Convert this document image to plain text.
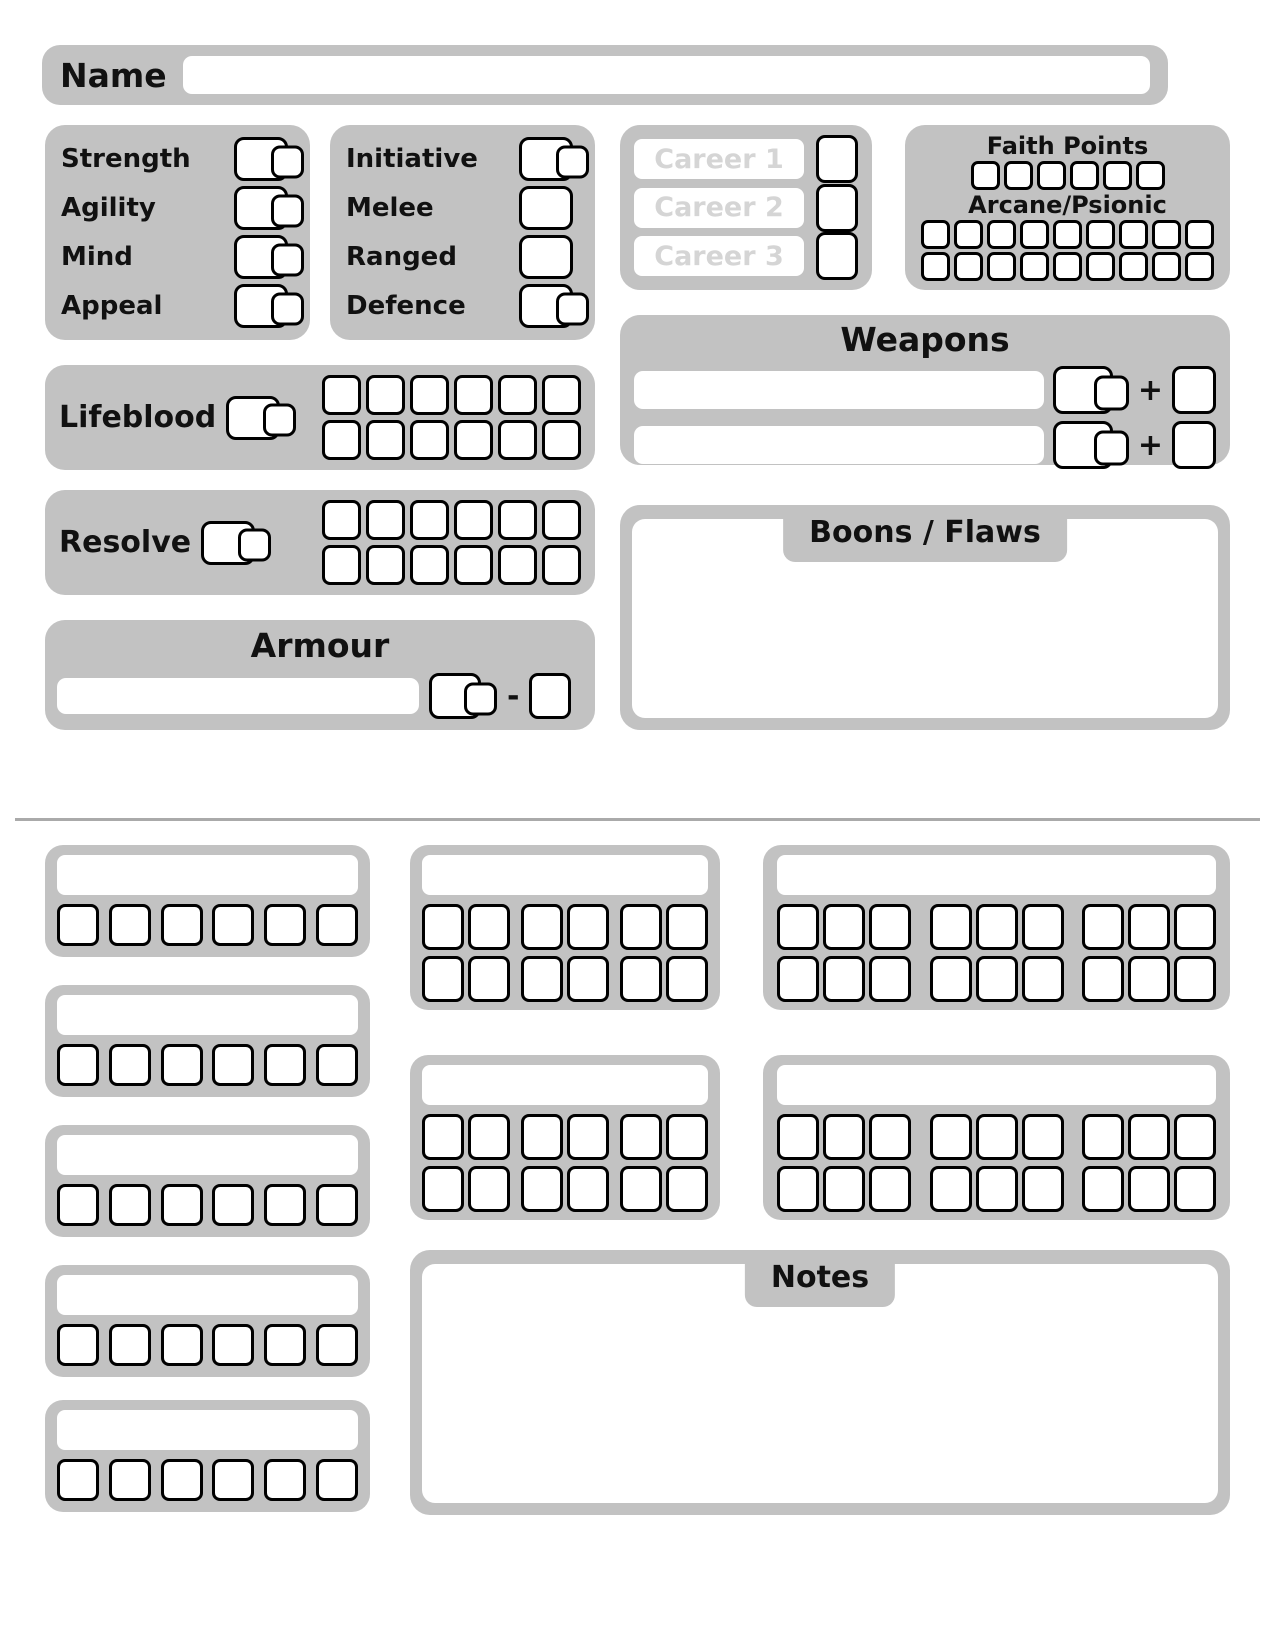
Name
Strength
Agility
Mind
Appeal
Initiative
Melee
Ranged
Defence
Career 1
Career 2
Career 3
Faith Points
Arcane/Psionic
Weapons
+
+
Lifeblood
Resolve
Armour
-
Boons / Flaws
Notes
